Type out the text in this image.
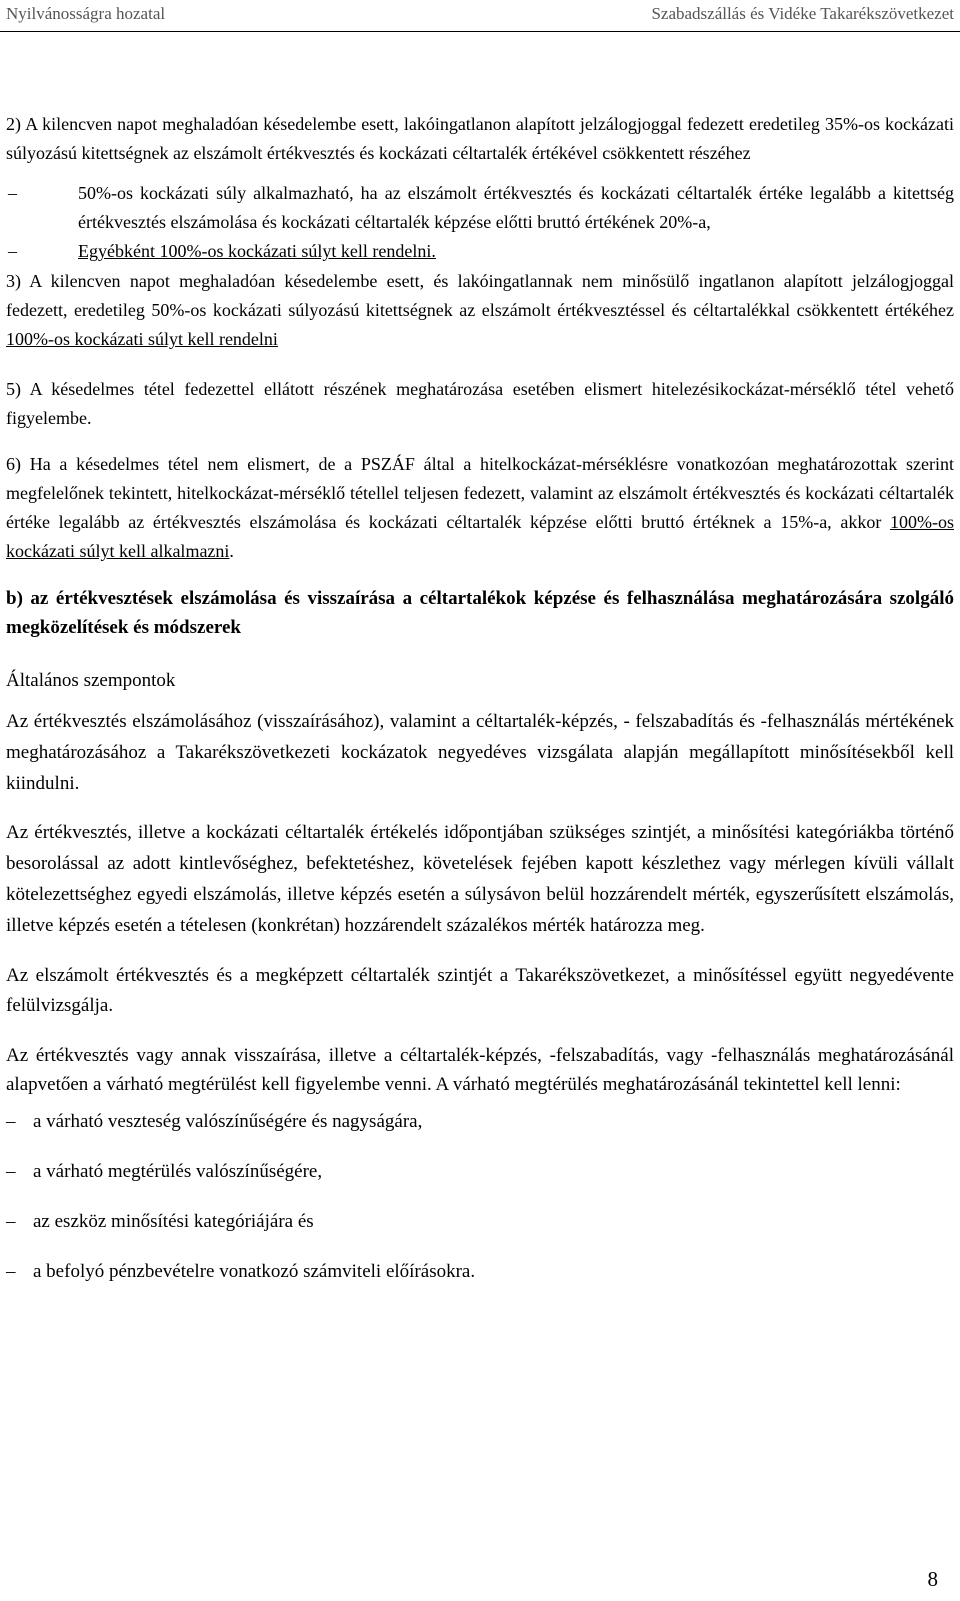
Nyilvánosságra hozatal	Szabadszállás és Vidéke Takarékszövetkezet

2) A kilencven napot meghaladóan késedelembe esett, lakóingatlanon alapított jelzálogjoggal fedezett eredetileg 35%-os kockázati súlyozású kitettségnek az elszámolt értékvesztés és kockázati céltartalék értékével csökkentett részéhez

–	50%-os kockázati súly alkalmazható, ha az elszámolt értékvesztés és kockázati céltartalék értéke legalább a kitettség értékvesztés elszámolása és kockázati céltartalék képzése előtti bruttó értékének 20%-a,

–	Egyébként 100%-os kockázati súlyt kell rendelni.

3) A kilencven napot meghaladóan késedelembe esett, és lakóingatlannak nem minősülő ingatlanon alapított jelzálogjoggal fedezett, eredetileg 50%-os kockázati súlyozású kitettségnek az elszámolt értékvesztéssel és céltartalékkal csökkentett értékéhez 100%-os kockázati súlyt kell rendelni

5) A késedelmes tétel fedezettel ellátott részének meghatározása esetében elismert hitelezésikockázat-mérséklő tétel vehető figyelembe.

6) Ha a késedelmes tétel nem elismert, de a PSZÁF által a hitelkockázat-mérséklésre vonatkozóan meghatározottak szerint megfelelőnek tekintett, hitelkockázat-mérséklő tétellel teljesen fedezett, valamint az elszámolt értékvesztés és kockázati céltartalék értéke legalább az értékvesztés elszámolása és kockázati céltartalék képzése előtti bruttó értéknek a 15%-a, akkor 100%-os kockázati súlyt kell alkalmazni.

b) az értékvesztések elszámolása és visszaírása a céltartalékok képzése és felhasználása meghatározására szolgáló megközelítések és módszerek

Általános szempontok

Az értékvesztés elszámolásához (visszaírásához), valamint a céltartalék-képzés, - felszabadítás és -felhasználás mértékének meghatározásához a Takarékszövetkezeti kockázatok negyedéves vizsgálata alapján megállapított minősítésekből kell kiindulni.

Az értékvesztés, illetve a kockázati céltartalék értékelés időpontjában szükséges szintjét, a minősítési kategóriákba történő besorolással az adott kintlevőséghez, befektetéshez, követelések fejében kapott készlethez vagy mérlegen kívüli vállalt kötelezettséghez egyedi elszámolás, illetve képzés esetén a súlysávon belül hozzárendelt mérték, egyszerűsített elszámolás, illetve képzés esetén a tételesen (konkrétan) hozzárendelt százalékos mérték határozza meg.

Az elszámolt értékvesztés és a megképzett céltartalék szintjét a Takarékszövetkezet, a minősítéssel együtt negyedévente felülvizsgálja.

Az értékvesztés vagy annak visszaírása, illetve a céltartalék-képzés, -felszabadítás, vagy -felhasználás meghatározásánál alapvetően a várható megtérülést kell figyelembe venni. A várható megtérülés meghatározásánál tekintettel kell lenni:

– a várható veszteség valószínűségére és nagyságára,

– a várható megtérülés valószínűségére,

– az eszköz minősítési kategóriájára és

– a befolyó pénzbevételre vonatkozó számviteli előírásokra.

8
